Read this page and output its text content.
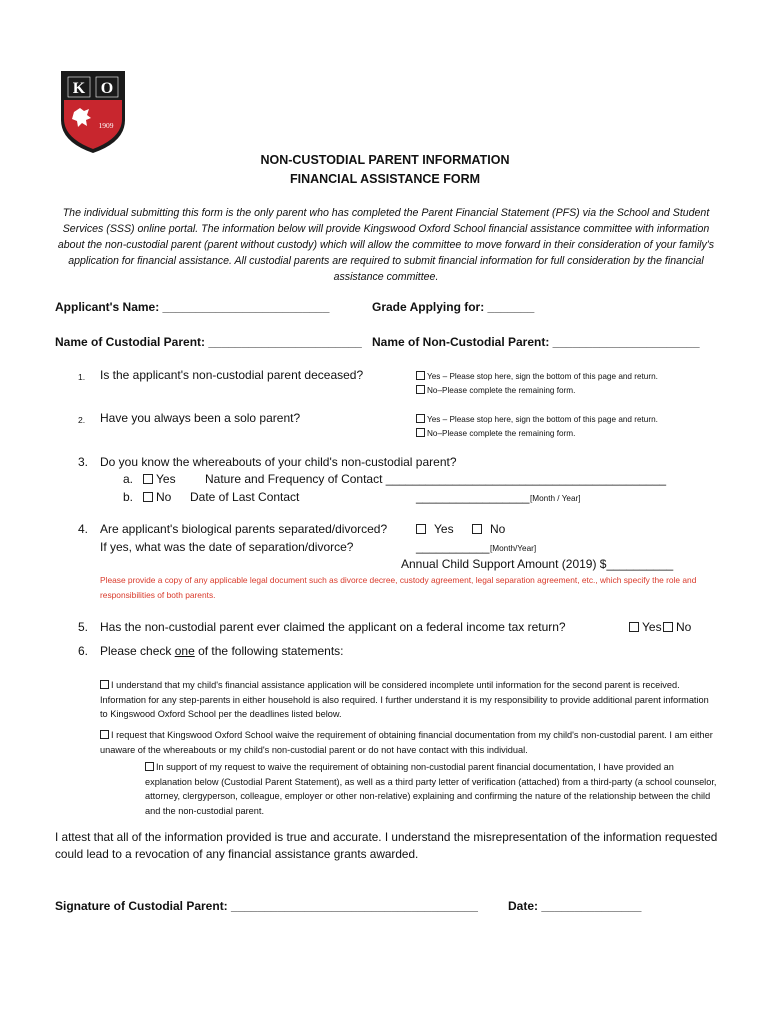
K O
1909
NON-CUSTODIAL PARENT INFORMATION
FINANCIAL ASSISTANCE FORM
The individual submitting this form is the only parent who has completed the Parent Financial Statement (PFS) via the School and Student Services (SSS) online portal. The information below will provide Kingswood Oxford School financial assistance committee with information about the non-custodial parent (parent without custody) which will allow the committee to move forward in their consideration of your family's application for financial assistance. All custodial parents are required to submit financial information for full consideration by the financial assistance committee.
Applicant's Name: _________________________	Grade Applying for: _______
Name of Custodial Parent: _______________________ Name of Non-Custodial Parent: ______________________
1. Is the applicant's non-custodial parent deceased?	Yes – Please stop here, sign the bottom of this page and return.
No–Please complete the remaining form.
2. Have you always been a solo parent?	Yes – Please stop here, sign the bottom of this page and return.
No–Please complete the remaining form.
3. Do you know the whereabouts of your child's non-custodial parent?
a.	Yes Nature and Frequency of Contact __________________________________________
b.	No Date of Last Contact	_________________ [Month / Year]
4. Are applicant's biological parents separated/divorced?	Yes	No
If yes, what was the date of separation/divorce?	___________ [Month/Year]
Annual Child Support Amount (2019) $__________
Please provide a copy of any applicable legal document such as divorce decree, custody agreement, legal separation agreement, etc., which specify the role and responsibilities of both parents.
5. Has the non-custodial parent ever claimed the applicant on a federal income tax return?	Yes	No
6. Please check one of the following statements:
I understand that my child's financial assistance application will be considered incomplete until information for the second parent is received. Information for any step-parents in either household is also required. I further understand it is my responsibility to provide additional parent information to Kingswood Oxford School per the deadlines listed below.
I request that Kingswood Oxford School waive the requirement of obtaining financial documentation from my child's non-custodial parent. I am either unaware of the whereabouts or my child's non-custodial parent or do not have contact with this individual.
In support of my request to waive the requirement of obtaining non-custodial parent financial documentation, I have provided an explanation below (Custodial Parent Statement), as well as a third party letter of verification (attached) from a third-party (a school counselor, attorney, clergyperson, colleague, employer or other non-relative) explaining and confirming the nature of the relationship between the child and the non-custodial parent.
I attest that all of the information provided is true and accurate. I understand the misrepresentation of the information requested could lead to a revocation of any financial assistance grants awarded.
Signature of Custodial Parent: _____________________________________	Date: _______________
